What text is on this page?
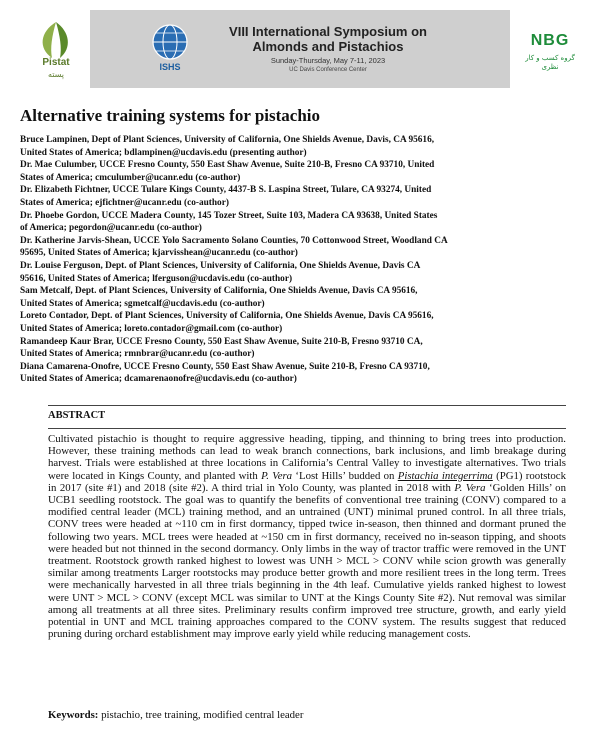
Pistat
پسته
ISHS
VIII International Symposium on
Almonds and Pistachios
Sunday-Thursday, May 7-11, 2023
UC Davis Conference Center
NBG
گروه کسب و کار نظری
Alternative training systems for pistachio
Bruce Lampinen, Dept of Plant Sciences, University of California, One Shields Avenue, Davis, CA 95616,
United States of America; bdlampinen@ucdavis.edu (presenting author)
Dr. Mae Culumber, UCCE Fresno County, 550 East Shaw Avenue, Suite 210-B, Fresno CA 93710, United
States of America; cmculumber@ucanr.edu (co-author)
Dr. Elizabeth Fichtner, UCCE Tulare Kings County, 4437-B S. Laspina Street, Tulare, CA 93274, United
States of America; ejfichtner@ucanr.edu (co-author)
Dr. Phoebe Gordon, UCCE Madera County, 145 Tozer Street, Suite 103, Madera CA 93638, United States
of America; pegordon@ucanr.edu (co-author)
Dr. Katherine Jarvis-Shean, UCCE Yolo Sacramento Solano Counties, 70 Cottonwood Street, Woodland CA
95695, United States of America; kjarvisshean@ucanr.edu (co-author)
Dr. Louise Ferguson, Dept. of Plant Sciences, University of California, One Shields Avenue, Davis CA
95616, United States of America; lferguson@ucdavis.edu (co-author)
Sam Metcalf, Dept. of Plant Sciences, University of California, One Shields Avenue, Davis CA 95616,
United States of America; sgmetcalf@ucdavis.edu (co-author)
Loreto Contador, Dept. of Plant Sciences, University of California, One Shields Avenue, Davis CA 95616,
United States of America; loreto.contador@gmail.com (co-author)
Ramandeep Kaur Brar, UCCE Fresno County, 550 East Shaw Avenue, Suite 210-B, Fresno 93710 CA,
United States of America; rmnbrar@ucanr.edu (co-author)
Diana Camarena-Onofre, UCCE Fresno County, 550 East Shaw Avenue, Suite 210-B, Fresno CA 93710,
United States of America; dcamarenaonofre@ucdavis.edu (co-author)
ABSTRACT
Cultivated pistachio is thought to require aggressive heading, tipping, and thinning to bring trees into production. However, these training methods can lead to weak branch connections, bark inclusions, and limb breakage during harvest. Trials were established at three locations in California’s Central Valley to investigate alternatives. Two trials were located in Kings County, and planted with P. Vera ‘Lost Hills’ budded on Pistachia integerrima (PG1) rootstock in 2017 (site #1) and 2018 (site #2). A third trial in Yolo County, was planted in 2018 with P. Vera ‘Golden Hills’ on UCB1 seedling rootstock. The goal was to quantify the benefits of conventional tree training (CONV) compared to a modified central leader (MCL) training method, and an untrained (UNT) minimal pruned control. In all three trials, CONV trees were headed at ~110 cm in first dormancy, tipped twice in-season, then thinned and dormant pruned the following two years. MCL trees were headed at ~150 cm in first dormancy, received no in-season tipping, and shoots were headed but not thinned in the second dormancy. Only limbs in the way of tractor traffic were removed in the UNT treatment. Rootstock growth ranked highest to lowest was UNH > MCL > CONV while scion growth was generally similar among treatments Larger rootstocks may produce better growth and more resilient trees in the long term. Trees were mechanically harvested in all three trials beginning in the 4th leaf. Cumulative yields ranked highest to lowest were UNT > MCL > CONV (except MCL was similar to UNT at the Kings County Site #2). Nut removal was similar among all treatments at all three sites. Preliminary results confirm improved tree structure, growth, and early yield potential in UNT and MCL training approaches compared to the CONV system. The results suggest that reduced pruning during orchard establishment may improve early yield while reducing management costs.
Keywords: pistachio, tree training, modified central leader
